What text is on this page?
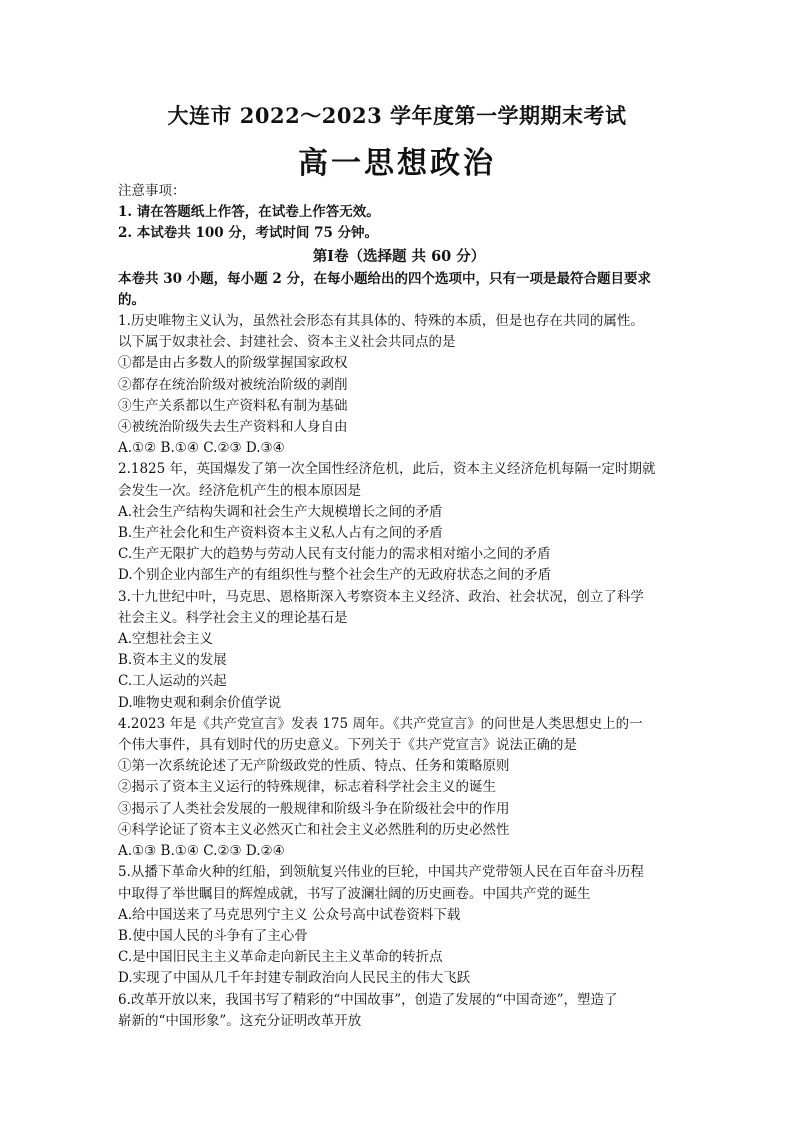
大连市 2022～2023 学年度第一学期期末考试
高一思想政治
注意事项：
1. 请在答题纸上作答，在试卷上作答无效。
2. 本试卷共 100 分，考试时间 75 分钟。
第Ⅰ卷（选择题 共 60 分）
本卷共 30 小题，每小题 2 分，在每小题给出的四个选项中，只有一项是最符合题目要求
的。
1.历史唯物主义认为，虽然社会形态有其具体的、特殊的本质，但是也存在共同的属性。
以下属于奴隶社会、封建社会、资本主义社会共同点的是
①都是由占多数人的阶级掌握国家政权
②都存在统治阶级对被统治阶级的剥削
③生产关系都以生产资料私有制为基础
④被统治阶级失去生产资料和人身自由
A.①② B.①④ C.②③ D.③④
2.1825 年，英国爆发了第一次全国性经济危机，此后，资本主义经济危机每隔一定时期就
会发生一次。经济危机产生的根本原因是
A.社会生产结构失调和社会生产大规模增长之间的矛盾
B.生产社会化和生产资料资本主义私人占有之间的矛盾
C.生产无限扩大的趋势与劳动人民有支付能力的需求相对缩小之间的矛盾
D.个别企业内部生产的有组织性与整个社会生产的无政府状态之间的矛盾
3.十九世纪中叶，马克思、恩格斯深入考察资本主义经济、政治、社会状况，创立了科学
社会主义。科学社会主义的理论基石是
A.空想社会主义
B.资本主义的发展
C.工人运动的兴起
D.唯物史观和剩余价值学说
4.2023 年是《共产党宣言》发表 175 周年。《共产党宣言》的问世是人类思想史上的一
个伟大事件，具有划时代的历史意义。下列关于《共产党宣言》说法正确的是
①第一次系统论述了无产阶级政党的性质、特点、任务和策略原则
②揭示了资本主义运行的特殊规律，标志着科学社会主义的诞生
③揭示了人类社会发展的一般规律和阶级斗争在阶级社会中的作用
④科学论证了资本主义必然灭亡和社会主义必然胜利的历史必然性
A.①③ B.①④ C.②③ D.②④
5.从播下革命火种的红船，到领航复兴伟业的巨轮，中国共产党带领人民在百年奋斗历程
中取得了举世瞩目的辉煌成就，书写了波澜壮阔的历史画卷。中国共产党的诞生
A.给中国送来了马克思列宁主义 公众号高中试卷资料下载
B.使中国人民的斗争有了主心骨
C.是中国旧民主主义革命走向新民主主义革命的转折点
D.实现了中国从几千年封建专制政治向人民民主的伟大飞跃
6.改革开放以来，我国书写了精彩的“中国故事”，创造了发展的“中国奇迹”，塑造了
崭新的“中国形象”。这充分证明改革开放
